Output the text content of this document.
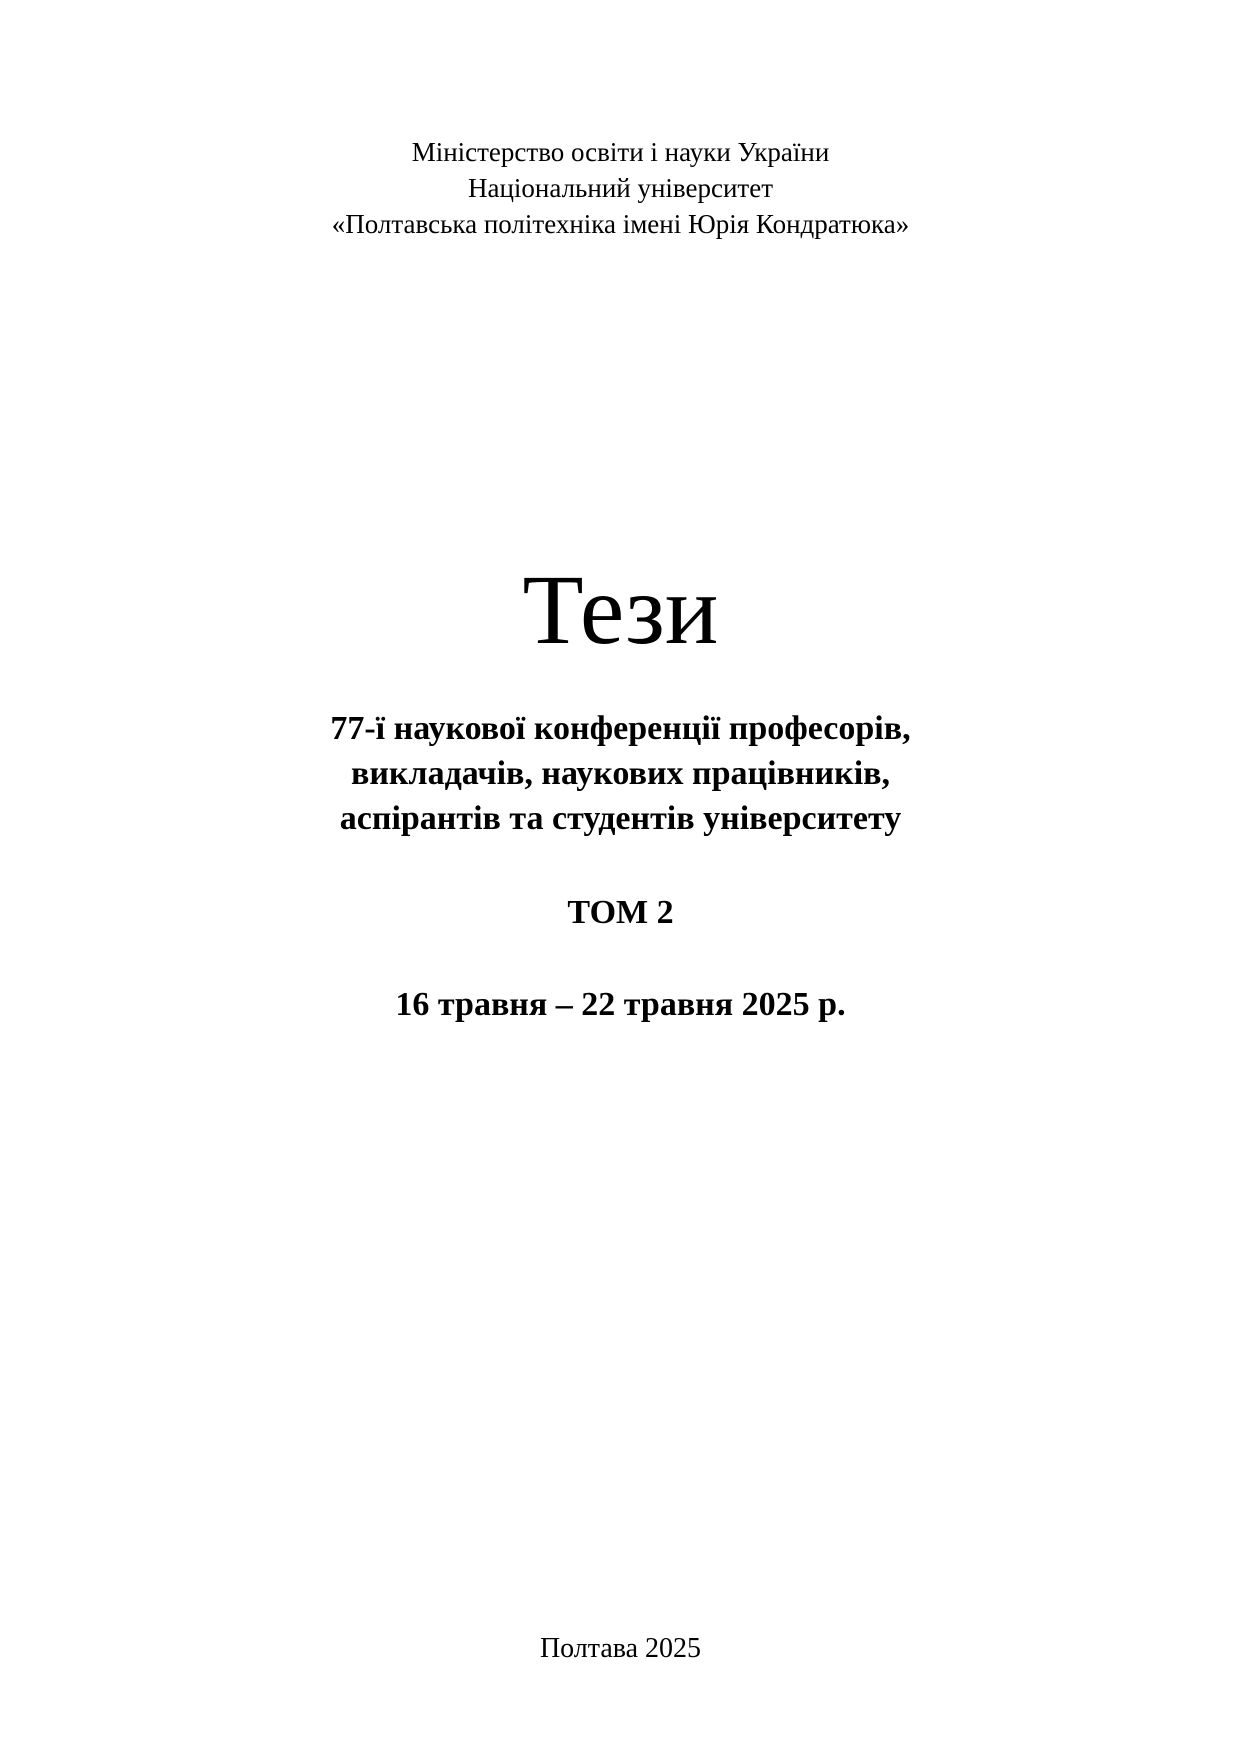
Міністерство освіти і науки України
Національний університет
«Полтавська політехніка імені Юрія Кондратюка»
Тези
77-ї наукової конференції професорів,
викладачів, наукових працівників,
аспірантів та студентів університету
ТОМ 2
16 травня – 22 травня 2025 р.
Полтава 2025
